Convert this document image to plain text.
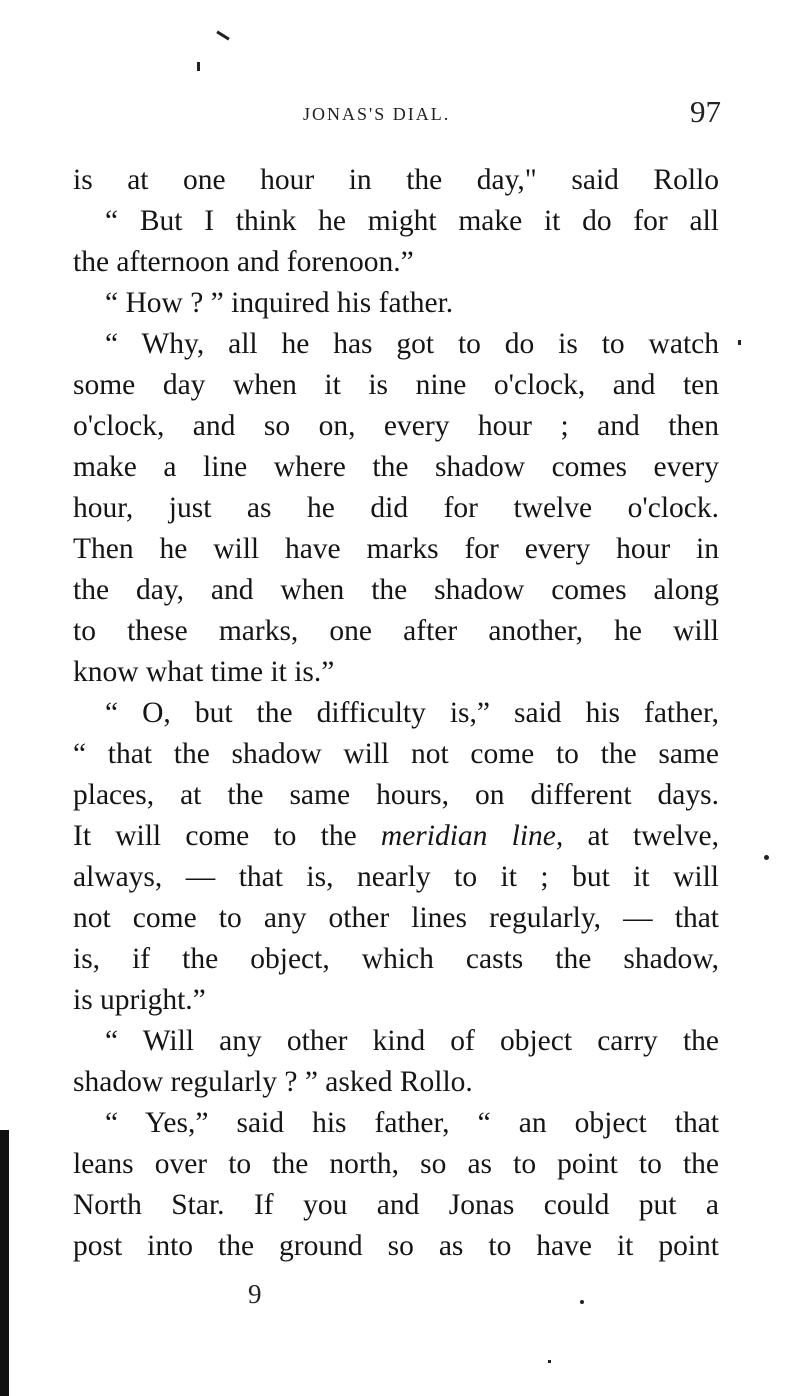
JONAS'S DIAL.	97
is at one hour in the day," said Rollo
“ But I think he might make it do for all
the afternoon and forenoon.”
“ How ? ” inquired his father.
“ Why, all he has got to do is to watch
some day when it is nine o'clock, and ten
o'clock, and so on, every hour ; and then
make a line where the shadow comes every
hour, just as he did for twelve o'clock.
Then he will have marks for every hour in
the day, and when the shadow comes along
to these marks, one after another, he will
know what time it is.”
“ O, but the difficulty is,” said his father,
“ that the shadow will not come to the same
places, at the same hours, on different days.
It will come to the meridian line, at twelve,
always, — that is, nearly to it ; but it will
not come to any other lines regularly, — that
is, if the object, which casts the shadow,
is upright.”
“ Will any other kind of object carry the
shadow regularly ? ” asked Rollo.
“ Yes,” said his father, “ an object that
leans over to the north, so as to point to the
North Star. If you and Jonas could put a
post into the ground so as to have it point
9
